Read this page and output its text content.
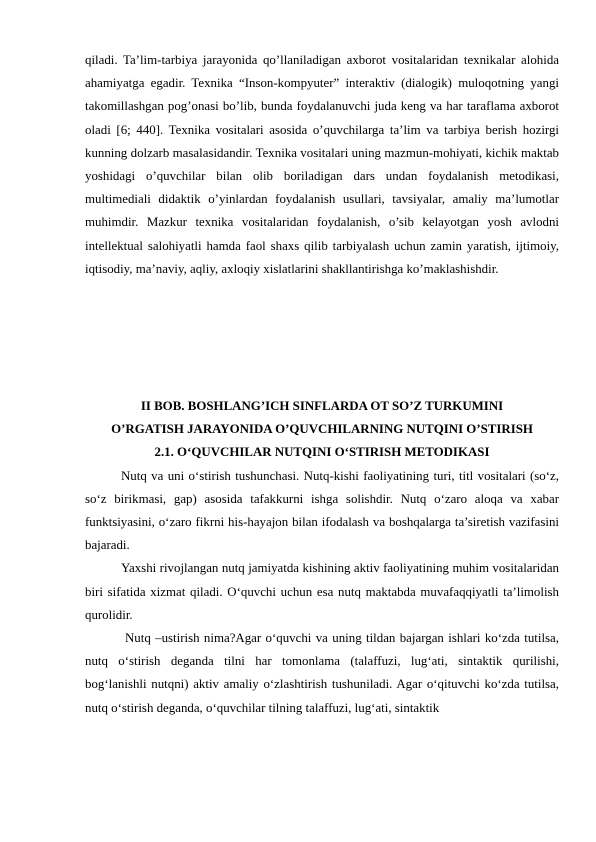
qiladi. Ta’lim-tarbiya jarayonida qo’llaniladigan axborot vositalaridan texnikalar alohida ahamiyatga egadir. Texnika “Inson-kompyuter” interaktiv (dialogik) muloqotning yangi takomillashgan pog’onasi bo’lib, bunda foydalanuvchi juda keng va har taraflama axborot oladi [6; 440]. Texnika vositalari asosida o’quvchilarga ta’lim va tarbiya berish hozirgi kunning dolzarb masalasidandir. Texnika vositalari uning mazmun-mohiyati, kichik maktab yoshidagi o’quvchilar bilan olib boriladigan dars undan foydalanish metodikasi, multimediali didaktik o’yinlardan foydalanish usullari, tavsiyalar, amaliy ma’lumotlar muhimdir. Mazkur texnika vositalaridan foydalanish, o’sib kelayotgan yosh avlodni intellektual salohiyatli hamda faol shaxs qilib tarbiyalash uchun zamin yaratish, ijtimoiy, iqtisodiy, ma’naviy, aqliy, axloqiy xislatlarini shakllantirishga ko’maklashishdir.

II BOB. BOSHLANG’ICH SINFLARDA OT SO’Z TURKUMINI

O’RGATISH JARAYONIDA O’QUVCHILARNING NUTQINI O’STIRISH

2.1. O‘QUVCHILAR NUTQINI O‘STIRISH METODIKASI

Nutq va uni o‘stirish tushunchasi. Nutq-kishi faoliyatining turi, titl vositalari (so‘z, so‘z birikmasi, gap) asosida tafakkurni ishga solishdir. Nutq o‘zaro aloqa va xabar funktsiyasini, o‘zaro fikrni his-hayajon bilan ifodalash va boshqalarga ta’siretish vazifasini bajaradi.

Yaxshi rivojlangan nutq jamiyatda kishining aktiv faoliyatining muhim vositalaridan biri sifatida xizmat qiladi. O‘quvchi uchun esa nutq maktabda muvafaqqiyatli ta’limolish qurolidir.

Nutq –ustirish nima?Agar o‘quvchi va uning tildan bajargan ishlari ko‘zda tutilsa, nutq o‘stirish deganda tilni har tomonlama (talaffuzi, lug‘ati, sintaktik qurilishi, bog‘lanishli nutqni) aktiv amaliy o‘zlashtirish tushuniladi. Agar o‘qituvchi ko‘zda tutilsa, nutq o‘stirish deganda, o‘quvchilar tilning talaffuzi, lug‘ati, sintaktik
